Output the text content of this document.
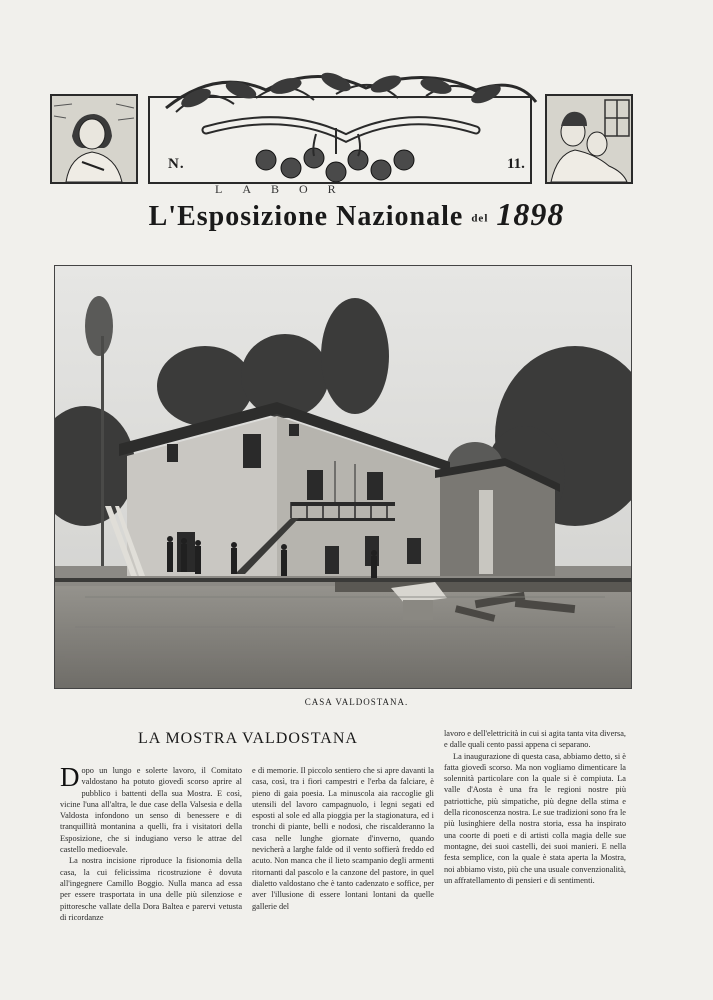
N.	11.
LABOR
L'Esposizione Nazionale del 1898
CASA VALDOSTANA.
LA MOSTRA VALDOSTANA

Dopo un lungo e solerte lavoro, il Comitato valdostano ha potuto giovedì scorso aprire al pubblico i battenti della sua Mostra. E così, vicine l'una all'altra, le due case della Valsesia e della Valdosta infondono un senso di benessere e di tranquillità montanina a quelli, fra i visitatori della Esposizione, che si indugiano verso le attrae del castello medioevale.

La nostra incisione riproduce la fisionomia della casa, la cui felicissima ricostruzione è dovuta all'ingegnere Camillo Boggio. Nulla manca ad essa per essere trasportata in una delle più silenziose e pittoresche vallate della Dora Baltea e parervi vetusta di ricordanze

e di memorie. Il piccolo sentiero che si apre davanti la casa, così, tra i fiori campestri e l'erba da falciare, è pieno di gaia poesia. La minuscola aia raccoglie gli utensili del lavoro campagnuolo, i legni segati ed esposti al sole ed alla pioggia per la stagionatura, ed i tronchi di piante, belli e nodosi, che riscalderanno la casa nelle lunghe giornate d'inverno, quando nevicherà a larghe falde od il vento soffierà freddo ed acuto. Non manca che il lieto scampanio degli armenti ritornanti dal pascolo e la canzone del pastore, in quel dialetto valdostano che è tanto cadenzato e soffice, per aver l'illusione di essere lontani lontani da quelle gallerie del

lavoro e dell'elettricità in cui si agita tanta vita diversa, e dalle quali cento passi appena ci separano.

La inaugurazione di questa casa, abbiamo detto, si è fatta giovedì scorso. Ma non vogliamo dimenticare la solennità particolare con la quale si è compiuta. La valle d'Aosta è una fra le regioni nostre più patriottiche, più simpatiche, più degne della stima e della riconoscenza nostra. Le sue tradizioni sono fra le più lusinghiere della nostra storia, essa ha inspirato una coorte di poeti e di artisti colla magia delle sue montagne, dei suoi castelli, dei suoi manieri. E nella festa semplice, con la quale è stata aperta la Mostra, noi abbiamo visto, più che una usuale convenzionalità, un affratellamento di pensieri e di sentimenti.
